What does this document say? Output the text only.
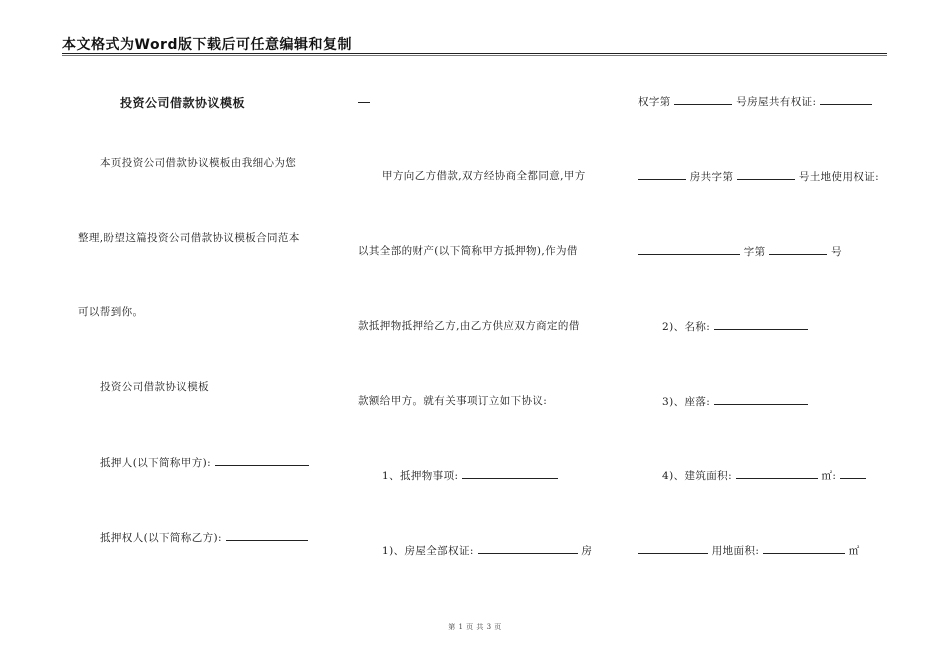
本文格式为Word版下载后可任意编辑和复制
投资公司借款协议模板
本页投资公司借款协议模板由我细心为您
整理,盼望这篇投资公司借款协议模板合同范本
可以帮到你。
投资公司借款协议模板
抵押人(以下简称甲方):
抵押权人(以下简称乙方):
甲方向乙方借款,双方经协商全都同意,甲方
以其全部的财产(以下简称甲方抵押物),作为借
款抵押物抵押给乙方,由乙方供应双方商定的借
款额给甲方。就有关事项订立如下协议:
1、抵押物事项:
1)、房屋全部权证:	房
权字第	号房屋共有权证:
房共字第	号土地使用权证:
字第	号
2)、名称:
3)、座落:
4)、建筑面积:	㎡:
用地面积:	㎡
第 1 页 共 3 页
